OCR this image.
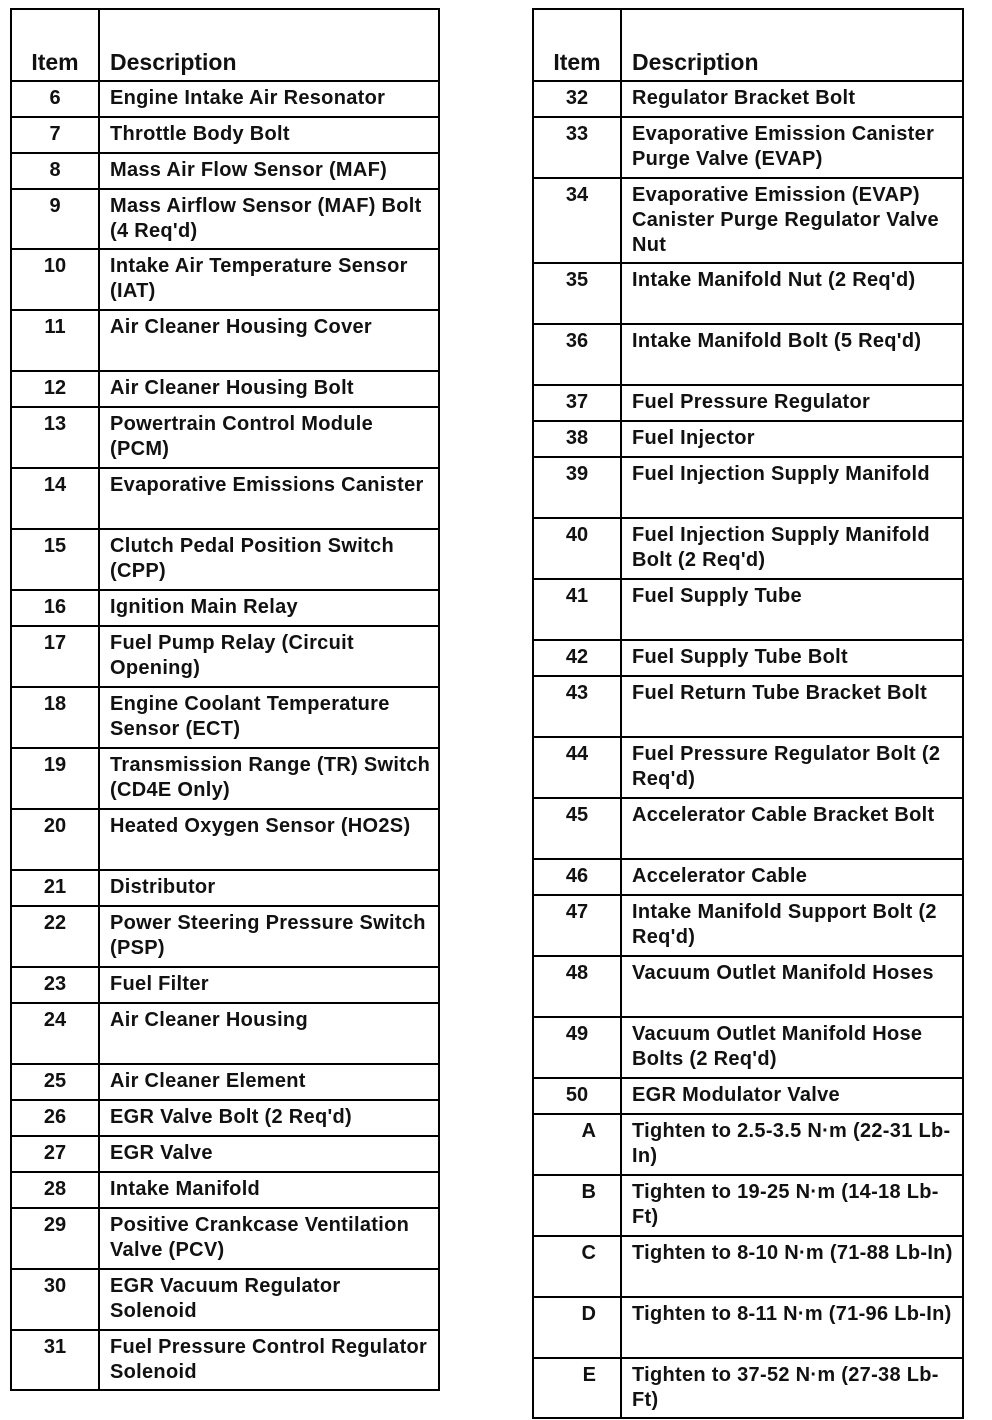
Item	Description
6	Engine Intake Air Resonator
7	Throttle Body Bolt
8	Mass Air Flow Sensor (MAF)
9	Mass Airflow Sensor (MAF) Bolt (4 Req'd)
10	Intake Air Temperature Sensor (IAT)
11	Air Cleaner Housing Cover
12	Air Cleaner Housing Bolt
13	Powertrain Control Module (PCM)
14	Evaporative Emissions Canister
15	Clutch Pedal Position Switch (CPP)
16	Ignition Main Relay
17	Fuel Pump Relay (Circuit Opening)
18	Engine Coolant Temperature Sensor (ECT)
19	Transmission Range (TR) Switch (CD4E Only)
20	Heated Oxygen Sensor (HO2S)
21	Distributor
22	Power Steering Pressure Switch (PSP)
23	Fuel Filter
24	Air Cleaner Housing
25	Air Cleaner Element
26	EGR Valve Bolt (2 Req'd)
27	EGR Valve
28	Intake Manifold
29	Positive Crankcase Ventilation Valve (PCV)
30	EGR Vacuum Regulator Solenoid
31	Fuel Pressure Control Regulator Solenoid
Item	Description
32	Regulator Bracket Bolt
33	Evaporative Emission Canister Purge Valve (EVAP)
34	Evaporative Emission (EVAP) Canister Purge Regulator Valve Nut
35	Intake Manifold Nut (2 Req'd)
36	Intake Manifold Bolt (5 Req'd)
37	Fuel Pressure Regulator
38	Fuel Injector
39	Fuel Injection Supply Manifold
40	Fuel Injection Supply Manifold Bolt (2 Req'd)
41	Fuel Supply Tube
42	Fuel Supply Tube Bolt
43	Fuel Return Tube Bracket Bolt
44	Fuel Pressure Regulator Bolt (2 Req'd)
45	Accelerator Cable Bracket Bolt
46	Accelerator Cable
47	Intake Manifold Support Bolt (2 Req'd)
48	Vacuum Outlet Manifold Hoses
49	Vacuum Outlet Manifold Hose Bolts (2 Req'd)
50	EGR Modulator Valve
A	Tighten to 2.5-3.5 N·m (22-31 Lb-In)
B	Tighten to 19-25 N·m (14-18 Lb-Ft)
C	Tighten to 8-10 N·m (71-88 Lb-In)
D	Tighten to 8-11 N·m (71-96 Lb-In)
E	Tighten to 37-52 N·m (27-38 Lb-Ft)
